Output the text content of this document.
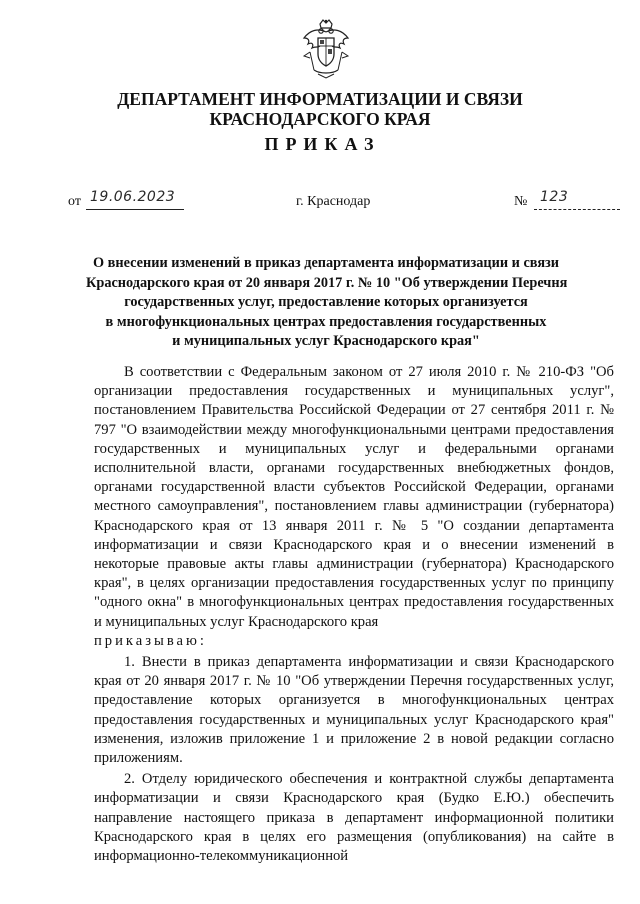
ДЕПАРТАМЕНТ ИНФОРМАТИЗАЦИИ И СВЯЗИ
КРАСНОДАРСКОГО КРАЯ
ПРИКАЗ
от 19.06.2023	г. Краснодар	№ 123
О внесении изменений в приказ департамента информатизации и связи
Краснодарского края от 20 января 2017 г. № 10 "Об утверждении Перечня
государственных услуг, предоставление которых организуется
в многофункциональных центрах предоставления государственных
и муниципальных услуг Краснодарского края"

В соответствии с Федеральным законом от 27 июля 2010 г. № 210-ФЗ "Об организации предоставления государственных и муниципальных услуг", постановлением Правительства Российской Федерации от 27 сентября 2011 г. № 797 "О взаимодействии между многофункциональными центрами предоставления государственных и муниципальных услуг и федеральными органами исполнительной власти, органами государственных внебюджетных фондов, органами государственной власти субъектов Российской Федерации, органами местного самоуправления", постановлением главы администрации (губернатора) Краснодарского края от 13 января 2011 г. № 5 "О создании департамента информатизации и связи Краснодарского края и о внесении изменений в некоторые правовые акты главы администрации (губернатора) Краснодарского края", в целях организации предоставления государственных услуг по принципу "одного окна" в многофункциональных центрах предоставления государственных и муниципальных услуг Краснодарского края

приказываю:

1. Внести в приказ департамента информатизации и связи Краснодарского края от 20 января 2017 г. № 10 "Об утверждении Перечня государственных услуг, предоставление которых организуется в многофункциональных центрах предоставления государственных и муниципальных услуг Краснодарского края" изменения, изложив приложение 1 и приложение 2 в новой редакции согласно приложениям.

2. Отделу юридического обеспечения и контрактной службы департамента информатизации и связи Краснодарского края (Будко Е.Ю.) обеспечить направление настоящего приказа в департамент информационной политики Краснодарского края в целях его размещения (опубликования) на сайте в информационно-телекоммуникационной
